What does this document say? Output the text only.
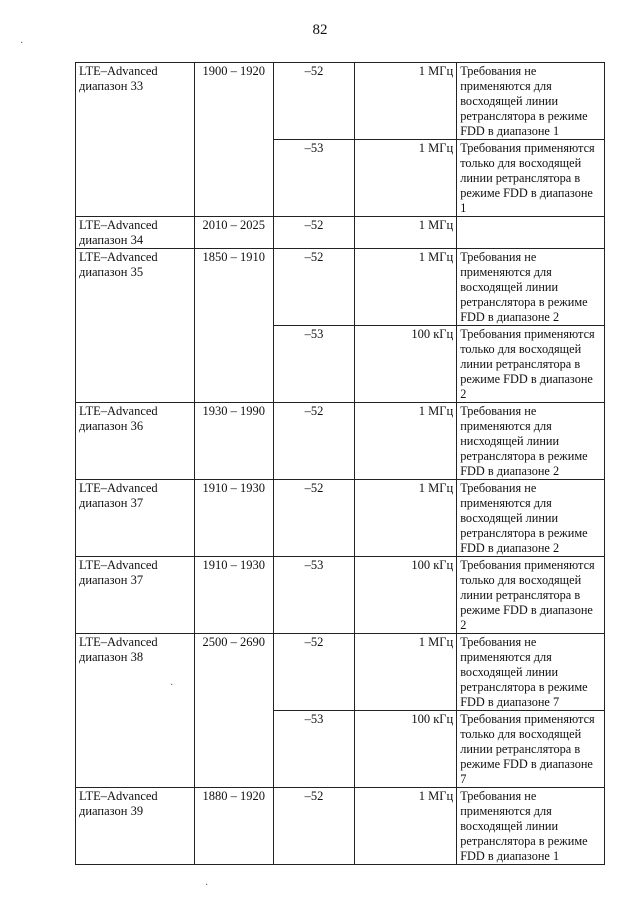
82
·
·
·
LTE–Advanced диапазон 33	1900 – 1920	–52	1 МГц	Требования не применяются для восходящей линии ретранслятора в режиме FDD в диапазоне 1
		–53	1 МГц	Требования применяются только для восходящей линии ретранслятора в режиме FDD в диапазоне 1
LTE–Advanced диапазон 34	2010 – 2025	–52	1 МГц	
LTE–Advanced диапазон 35	1850 – 1910	–52	1 МГц	Требования не применяются для восходящей линии ретранслятора в режиме FDD в диапазоне 2
		–53	100 кГц	Требования применяются только для восходящей линии ретранслятора в режиме FDD в диапазоне 2
LTE–Advanced диапазон 36	1930 – 1990	–52	1 МГц	Требования не применяются для нисходящей линии ретранслятора в режиме FDD в диапазоне 2
LTE–Advanced диапазон 37	1910 – 1930	–52	1 МГц	Требования не применяются для восходящей линии ретранслятора в режиме FDD в диапазоне 2
LTE–Advanced диапазон 37	1910 – 1930	–53	100 кГц	Требования применяются только для восходящей линии ретранслятора в режиме FDD в диапазоне 2
LTE–Advanced диапазон 38	2500 – 2690	–52	1 МГц	Требования не применяются для восходящей линии ретранслятора в режиме FDD в диапазоне 7
		–53	100 кГц	Требования применяются только для восходящей линии ретранслятора в режиме FDD в диапазоне 7
LTE–Advanced диапазон 39	1880 – 1920	–52	1 МГц	Требования не применяются для восходящей линии ретранслятора в режиме FDD в диапазоне 1
